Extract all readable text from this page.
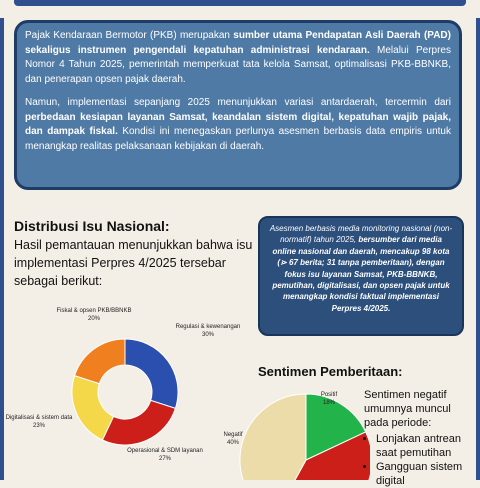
Pajak Kendaraan Bermotor (PKB) merupakan sumber utama Pendapatan Asli Daerah (PAD) sekaligus instrumen pengendali kepatuhan administrasi kendaraan. Melalui Perpres Nomor 4 Tahun 2025, pemerintah memperkuat tata kelola Samsat, optimalisasi PKB-BBNKB, dan penerapan opsen pajak daerah.

Namun, implementasi sepanjang 2025 menunjukkan variasi antardaerah, tercermin dari perbedaan kesiapan layanan Samsat, keandalan sistem digital, kepatuhan wajib pajak, dan dampak fiskal. Kondisi ini menegaskan perlunya asesmen berbasis data empiris untuk menangkap realitas pelaksanaan kebijakan di daerah.

Distribusi Isu Nasional:
Hasil pemantauan menunjukkan bahwa isu implementasi Perpres 4/2025 tersebar sebagai berikut:
Asesmen berbasis media monitoring nasional (non-normatif) tahun 2025, bersumber dari media online nasional dan daerah, mencakup 98 kota (⋗ 67 berita; 31 tanpa pemberitaan), dengan fokus isu layanan Samsat, PKB-BBNKB, pemutihan, digitalisasi, dan opsen pajak untuk menangkap kondisi faktual implementasi Perpres 4/2025.
Regulasi & kewenangan
30%
Operasional & SDM layanan
27%
Digitalisasi & sistem data
23%
Fiskal & opsen PKB/BBNKB
20%
Sentimen Pemberitaan:
Positif
18%
Negatif
40%
Sentimen negatif umumnya muncul pada periode:
• Lonjakan antrean saat pemutihan
• Gangguan sistem digital
